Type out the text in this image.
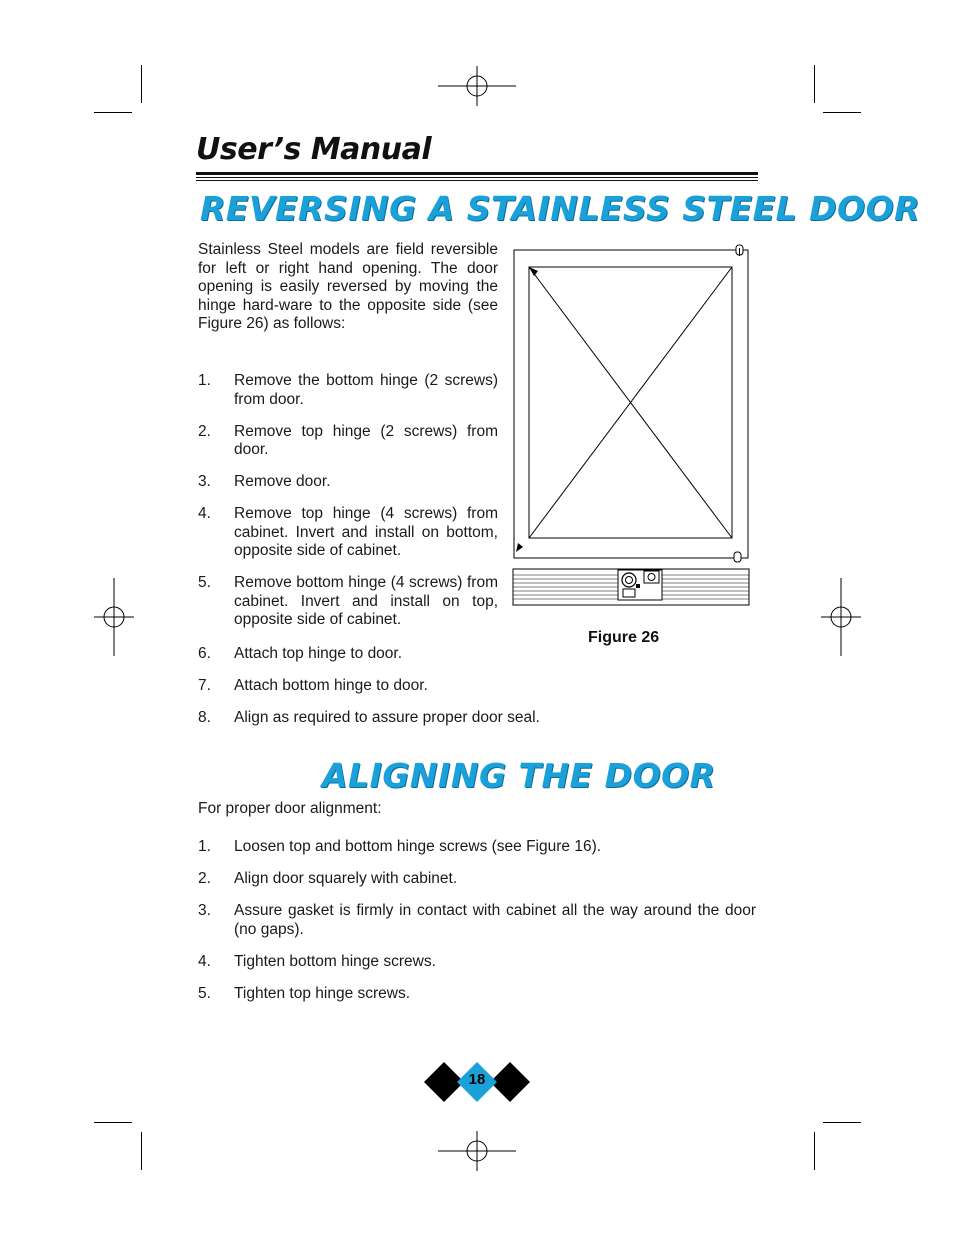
User’s Manual
REVERSING A STAINLESS STEEL DOOR
Stainless Steel models are field reversible for left or right hand opening. The door opening is easily reversed by moving the hinge hard-ware to the opposite side (see Figure 26) as follows:
1. Remove the bottom hinge (2 screws) from door.
2. Remove top hinge (2 screws) from door.
3. Remove door.
4. Remove top hinge (4 screws) from cabinet. Invert and install on bottom, opposite side of cabinet.
5. Remove bottom hinge (4 screws) from cabinet. Invert and install on top, opposite side of cabinet.
6. Attach top hinge to door.
7. Attach bottom hinge to door.
8. Align as required to assure proper door seal.
Figure 26
ALIGNING THE DOOR
For proper door alignment:
1. Loosen top and bottom hinge screws (see Figure 16).
2. Align door squarely with cabinet.
3. Assure gasket is firmly in contact with cabinet all the way around the door (no gaps).
4. Tighten bottom hinge screws.
5. Tighten top hinge screws.
18
